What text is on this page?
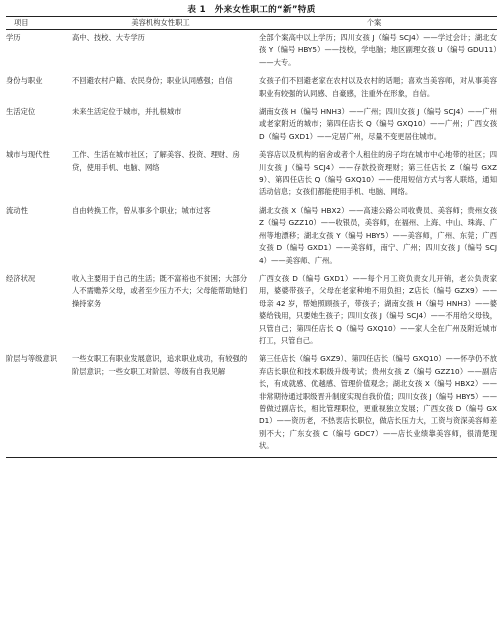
表 1　外来女性职工的“新”特质
项目	美容机构女性职工	个案
学历	高中、技校、大专学历	全部个案高中以上学历；四川女孩 J（编号 SCJ4）——学过会计；湖北女孩 Y（编号 HBY5）——技校，学电脑；地区副理女孩 U（编号 GDU11）——大专。
身份与职业	不回避农村户籍、农民身份；职业认同感强；自信	女孩子们不回避老家在农村以及农村的话题；喜欢当美容师，对从事美容职业有较强的认同感、自豪感，注重外在形象，自信。
生活定位	未来生活定位于城市，并扎根城市	湖南女孩 H（编号 HNH3）——广州；四川女孩 J（编号 SCJ4）——广州或老家附近的城市；第四任店长 Q（编号 GXQ10）——广州；广西女孩 D（编号 GXD1）——定居广州，尽量不变更居住城市。
城市与现代性	工作、生活在城市社区；了解美容、投资、理财、房贷，使用手机、电脑、网络	美容店以及机构的宿舍或者个人租住的房子均在城市中心地带的社区；四川女孩 J（编号 SCJ4）——存款投资理财；第三任店长 Z（编号 GXZ9）、第四任店长 Q（编号 GXQ10）——使用短信方式与客人联络，通知活动信息；女孩们都能使用手机、电脑、网络。
流动性	自由转换工作，曾从事多个职业；城市过客	湖北女孩 X（编号 HBX2）——高速公路公司收费员、美容师；贵州女孩 Z（编号 GZZ10）——收银员，美容师，在福州、上海、中山、珠海、广州等地漂移；湖北女孩 Y（编号 HBY5）——美容师，广州、东莞；广西女孩 D（编号 GXD1）——美容师，南宁、广州；四川女孩 J（编号 SCJ4）——美容师、广州。
经济状况	收入主要用于自己的生活；既不富裕也不贫困；大部分人不需赡养父母，或者至少压力不大；父母能帮助她们操持家务	广西女孩 D（编号 GXD1）——每个月工资负责女儿开销，老公负责家用，婆婆带孩子，父母在老家种地不用负担；Z店长（编号 GZX9）——母亲 42 岁，帮她照顾孩子，带孩子；湖南女孩 H（编号 HNH3）——婆婆给钱用，只要她生孩子；四川女孩 J（编号 SCJ4）——不用给父母钱，只管自己；第四任店长 Q（编号 GXQ10）——家人全在广州及附近城市打工，只管自己。
阶层与等级意识	一些女职工有职业发展意识，追求职业成功，有较强的阶层意识；一些女职工对阶层、等级有自我见解	第三任店长（编号 GXZ9）、第四任店长（编号 GXQ10）——怀孕仍不放弃店长职位和技术职级升级考试；贵州女孩 Z（编号 GZZ10）——副店长，有成就感、优越感、管理价值观念；湖北女孩 X（编号 HBX2）——非常期待通过职级晋升制度实现自我价值；四川女孩 J（编号 HBY5）——曾做过副店长，相比管理职位，更重视独立发展；广西女孩 D（编号 GXD1）——资历老，不热衷店长职位，做店长压力大，工资与资深美容师差别不大；广东女孩 C（编号 GDC7）——店长业绩靠美容师，很清楚现状。
